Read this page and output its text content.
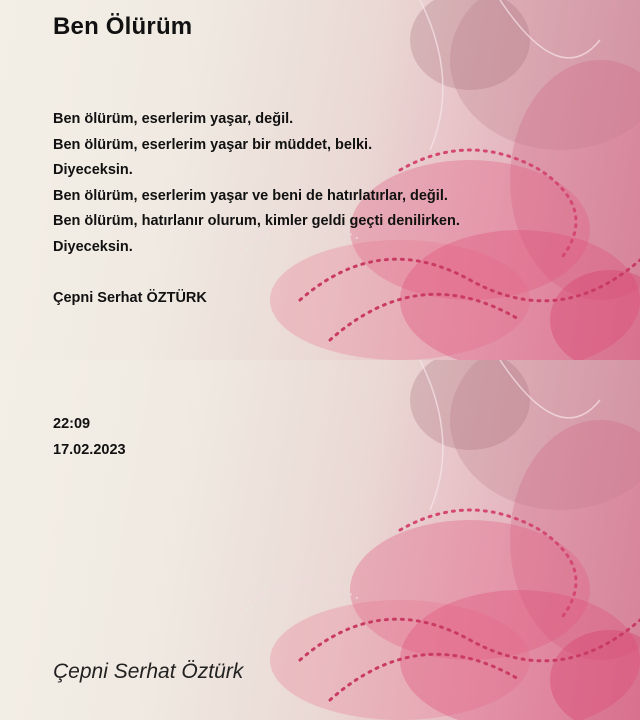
Ben Ölürüm
Ben ölürüm, eserlerim yaşar, değil.
Ben ölürüm, eserlerim yaşar bir müddet, belki.
Diyeceksin.
Ben ölürüm, eserlerim yaşar ve beni de hatırlatırlar, değil.
Ben ölürüm, hatırlanır olurum, kimler geldi geçti denilirken.
Diyeceksin.
Çepni Serhat ÖZTÜRK
22:09
17.02.2023
Çepni Serhat Öztürk
